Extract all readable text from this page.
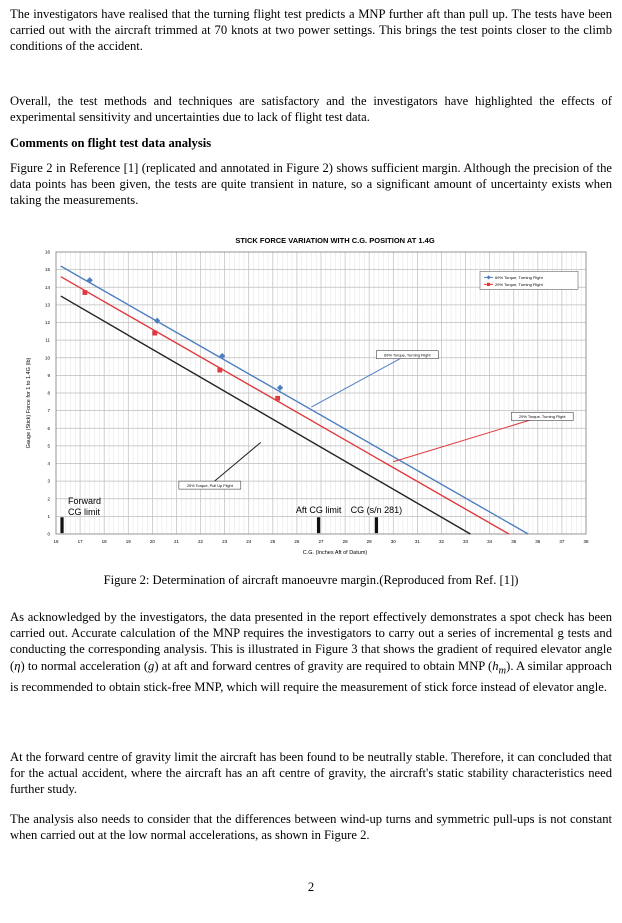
The investigators have realised that the turning flight test predicts a MNP further aft than pull up. The tests have been carried out with the aircraft trimmed at 70 knots at two power settings. This brings the test points closer to the climb conditions of the accident.

Overall, the test methods and techniques are satisfactory and the investigators have highlighted the effects of experimental sensitivity and uncertainties due to lack of flight test data.

Comments on flight test data analysis

Figure 2 in Reference [1] (replicated and annotated in Figure 2) shows sufficient margin. Although the precision of the data points has been given, the tests are quite transient in nature, so a significant amount of uncertainty exists when taking the measurements.

16	17	18	19	20	21	22	23	24	25	26	27	28	29	30	31	32	33	34	35	36	37	38
0
1
2
3
4
5
6
7
8
9
10
11
12
13
14
15
16
69% Torque, Turning Flight
29% Torque, Turning Flight
29% Torque, Pull Up Flight
69% Torque, Turning Flight
29% Torque, Turning Flight
Forward
CG limit	Aft CG limit CG (s/n 281)
STICK FORCE VARIATION WITH C.G. POSITION AT 1.4G
C.G. (Inches Aft of Datum)
Gauge (Stick) Force for 1 to 1.4G (lb)

Figure 2: Determination of aircraft manoeuvre margin.(Reproduced from Ref. [1])

As acknowledged by the investigators, the data presented in the report effectively demonstrates a spot check has been carried out. Accurate calculation of the MNP requires the investigators to carry out a series of incremental g tests and conducting the corresponding analysis. This is illustrated in Figure 3 that shows the gradient of required elevator angle (η) to normal acceleration (g) at aft and forward centres of gravity are required to obtain MNP $(h_m)$. A similar approach is recommended to obtain stick-free MNP, which will require the measurement of stick force instead of elevator angle.

At the forward centre of gravity limit the aircraft has been found to be neutrally stable. Therefore, it can concluded that for the actual accident, where the aircraft has an aft centre of gravity, the aircraft's static stability characteristics need further study.

The analysis also needs to consider that the differences between wind-up turns and symmetric pull-ups is not constant when carried out at the low normal accelerations, as shown in Figure 2.

2
